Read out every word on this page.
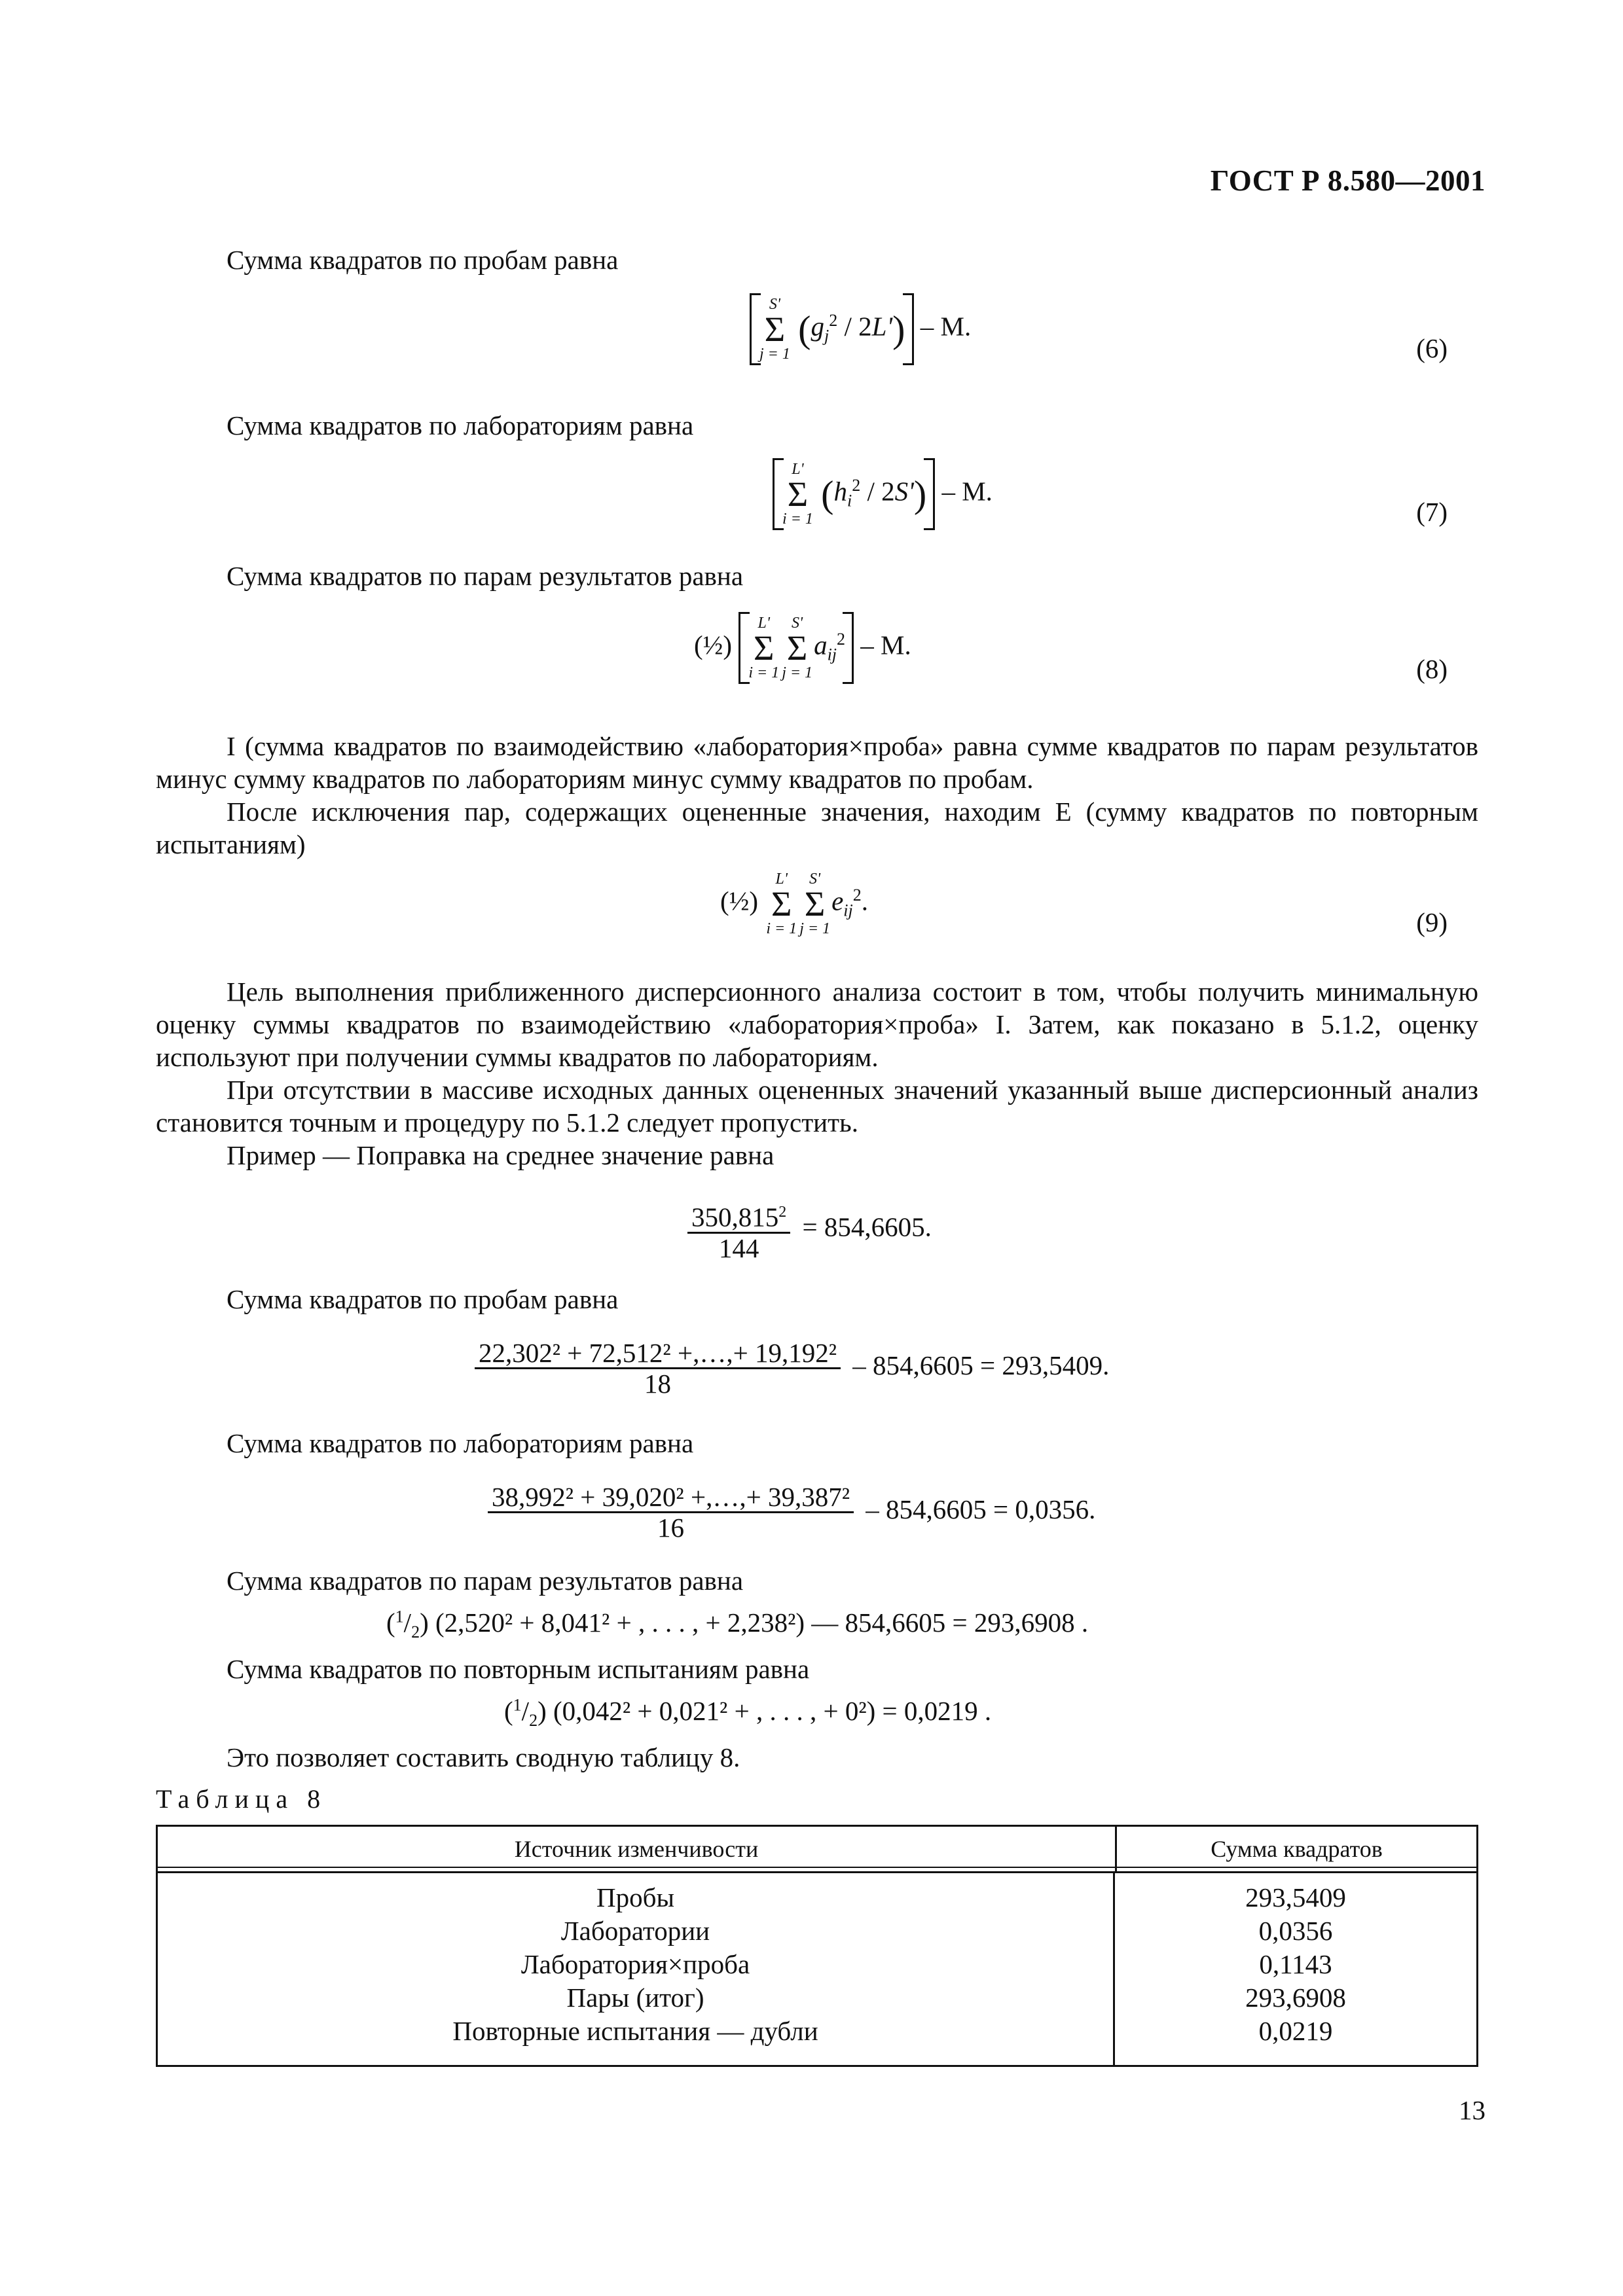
ГОСТ Р 8.580—2001
Сумма квадратов по пробам равна
S'
Σ
j = 1
$(g_j^2 / 2L')$ – M.
(6)
Сумма квадратов по лабораториям равна
L'
Σ
i = 1
$(h_i^2 / 2S')$ – M.
(7)
Сумма квадратов по парам результатов равна
(½)
L'
Σ
i = 1
S'
Σ
j = 1
$a_{ij}^2$ – M.
(8)
I (сумма квадратов по взаимодействию «лаборатория×проба» равна сумме квадратов по парам результатов минус сумму квадратов по лабораториям минус сумму квадратов по пробам.
После исключения пар, содержащих оцененные значения, находим E (сумму квадратов по повторным испытаниям)
(½)
L'
Σ
i = 1
S'
Σ
j = 1
$e_{ij}^2$.
(9)
Цель выполнения приближенного дисперсионного анализа состоит в том, чтобы получить минимальную оценку суммы квадратов по взаимодействию «лаборатория×проба» I. Затем, как показано в 5.1.2, оценку используют при получении суммы квадратов по лабораториям.
При отсутствии в массиве исходных данных оцененных значений указанный выше дисперсионный анализ становится точным и процедуру по 5.1.2 следует пропустить.
Пример — Поправка на среднее значение равна
$\frac{350,815^2}{144} = 854,6605$.
Сумма квадратов по пробам равна
$\frac{\text{22,302² + 72,512² +,…,+ 19,192²}}{18} - 854,6605 = 293,5409$.
Сумма квадратов по лабораториям равна
$\frac{\text{38,992² + 39,020² +,…,+ 39,387²}}{16} - 854,6605 = 0,0356$.
Сумма квадратов по парам результатов равна
$(^1/_2) (2,520^2 + 8,041^2$ + , . . . , + 2,238²) — 854,6605 = 293,6908 .
Сумма квадратов по повторным испытаниям равна
$(^1/_2) (0,042^2 + 0,021^2$ + , . . . , + 0²) = 0,0219 .
Это позволяет составить сводную таблицу 8.
Таблица 8
Источник изменчивости	Сумма квадратов
Пробы
Лаборатории
Лаборатория×проба
Пары (итог)
Повторные испытания — дубли
293,5409
0,0356
0,1143
293,6908
0,0219
13
